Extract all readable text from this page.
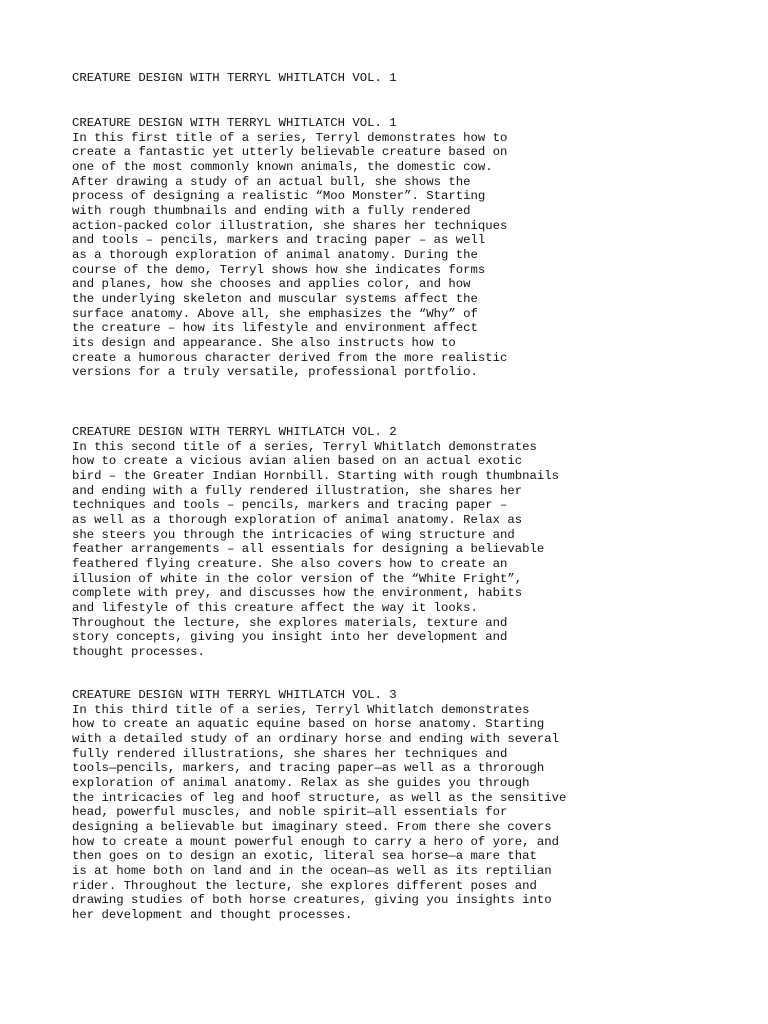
CREATURE DESIGN WITH TERRYL WHITLATCH VOL. 1
CREATURE DESIGN WITH TERRYL WHITLATCH VOL. 1
In this first title of a series, Terryl demonstrates how to
create a fantastic yet utterly believable creature based on
one of the most commonly known animals, the domestic cow.
After drawing a study of an actual bull, she shows the
process of designing a realistic “Moo Monster”. Starting
with rough thumbnails and ending with a fully rendered
action-packed color illustration, she shares her techniques
and tools – pencils, markers and tracing paper – as well
as a thorough exploration of animal anatomy. During the
course of the demo, Terryl shows how she indicates forms
and planes, how she chooses and applies color, and how
the underlying skeleton and muscular systems affect the
surface anatomy. Above all, she emphasizes the “Why” of
the creature – how its lifestyle and environment affect
its design and appearance. She also instructs how to
create a humorous character derived from the more realistic
versions for a truly versatile, professional portfolio.
CREATURE DESIGN WITH TERRYL WHITLATCH VOL. 2
In this second title of a series, Terryl Whitlatch demonstrates
how to create a vicious avian alien based on an actual exotic
bird – the Greater Indian Hornbill. Starting with rough thumbnails
and ending with a fully rendered illustration, she shares her
techniques and tools – pencils, markers and tracing paper –
as well as a thorough exploration of animal anatomy. Relax as
she steers you through the intricacies of wing structure and
feather arrangements – all essentials for designing a believable
feathered flying creature. She also covers how to create an
illusion of white in the color version of the “White Fright”,
complete with prey, and discusses how the environment, habits
and lifestyle of this creature affect the way it looks.
Throughout the lecture, she explores materials, texture and
story concepts, giving you insight into her development and
thought processes.
CREATURE DESIGN WITH TERRYL WHITLATCH VOL. 3
In this third title of a series, Terryl Whitlatch demonstrates
how to create an aquatic equine based on horse anatomy. Starting
with a detailed study of an ordinary horse and ending with several
fully rendered illustrations, she shares her techniques and
tools—pencils, markers, and tracing paper—as well as a throrough
exploration of animal anatomy. Relax as she guides you through
the intricacies of leg and hoof structure, as well as the sensitive
head, powerful muscles, and noble spirit—all essentials for
designing a believable but imaginary steed. From there she covers
how to create a mount powerful enough to carry a hero of yore, and
then goes on to design an exotic, literal sea horse—a mare that
is at home both on land and in the ocean—as well as its reptilian
rider. Throughout the lecture, she explores different poses and
drawing studies of both horse creatures, giving you insights into
her development and thought processes.
